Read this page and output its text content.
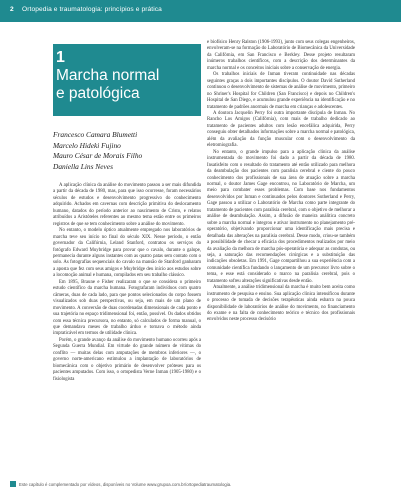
2 Ortopedia e traumatologia: princípios e prática
1
Marcha normal
e patológica
Francesco Camara Blumetti
Marcelo Hideki Fujino
Mauro César de Morais Filho
Daniella Lins Neves

A aplicação clínica da análise do movimento passou a ser mais difundida a partir da década de 1980, mas, para que isso ocorresse, foram necessários séculos de estudos e desenvolvimento progressivo do conhecimento adquirido. Achados em cavernas com descrição primitiva do deslocamento humano, datados do período anterior ao nascimento de Cristo, e relatos atribuídos a Aristóteles referentes ao mesmo tema estão entre os primeiros registros de que se tem conhecimento sobre a análise do movimento.

No entanto, o modelo óptico atualmente empregado nos laboratórios de marcha teve seu início no final do século XIX. Nesse período, o então governador da Califórnia, Leland Stanford, contratou os serviços do fotógrafo Edward Muybridge para provar que o cavalo, durante o galope, permanecia durante alguns instantes com as quatro patas sem contato com o solo. As fotografias sequenciais do cavalo na mansão de Stanford ganharam a aposta que fez com seus amigos e Muybridge deu início aos estudos sobre a locomoção animal e humana, compilados em seu trabalho clássico.

Em 1895, Braune e Fisher realizaram o que se considera o primeiro estudo científico da marcha humana. Fotografaram indivíduos com quatro câmeras, duas de cada lado, para que pontos selecionados do corpo fossem visualizados sob duas perspectivas, ou seja, em mais de um plano de movimento. A conversão de duas coordenadas dimensionais de cada ponto e sua trajetória no espaço tridimensional foi, então, possível. Os dados obtidos com essa técnica precursora, no entanto, só calculados de forma manual, o que demandava meses de trabalho árduo e tornava o método ainda impraticável em termos de utilidade clínica.

Porém, o grande avanço da análise do movimento humano ocorreu após a Segunda Guerra Mundial. Em virtude do grande número de vítimas do conflito — muitas delas com amputações de membros inferiores —, o governo norte-americano estimulou a implantação de laboratórios de biomecânica com o objetivo primário de desenvolver próteses para os pacientes amputados. Com isso, o ortopedista Verne Inman (1905-1980) e o fisiologista

e biofísico Henry Ralston (1906-1993), junto com seus colegas engenheiros, envolveram-se na formação do Laboratório de Biomecânica da Universidade da Califórnia, em San Francisco e Berkley. Desse projeto resultaram inúmeros trabalhos científicos, com a descrição dos determinantes da marcha normal e os conceitos iniciais sobre a conservação de energia.

Os trabalhos iniciais de Inman tiveram continuidade nas décadas seguintes graças a dois importantes discípulos. O doutor David Sutherland continuou o desenvolvimento de sistemas de análise de movimento, primeiro no Shriner's Hospital for Children (San Francisco) e depois no Children's Hospital de San Diego, e acumulou grande experiência na identificação e no tratamento de padrões anormais de marcha em crianças e adolescentes.

A doutora Jacquelin Perry foi outra importante discípula de Inman. No Rancho Los Amigos (Califórnia), com mais de trabalho dedicado ao tratamento de pacientes adultos com lesão encefálica adquirida, Perry conseguiu obter detalhados informações sobre a marcha normal e patológica, além da avaliação da função muscular com o desenvolvimento da eletromiografia.

No entanto, o grande impulso para a aplicação clínica da análise instrumentada do movimento foi dado a partir da década de 1980. Insatisfeito com o resultado do tratamento até então utilizado para melhora da deambulação dos pacientes com paralisia cerebral e ciente do pouco conhecimento dos profissionais de sua área de atuação sobre a marcha normal, o doutor James Gage encontrou, no Laboratório de Marcha, um meio para combater esses problemas. Com base nos fundamentos desenvolvidos por Inman e continuados pelos doutores Sutherland e Perry, Gage passou a utilizar o Laboratório de Marcha como parte integrante do tratamento de pacientes com paralisia cerebral, com o objetivo de melhorar a análise de deambulação. Assim, a difusão de maneira análitica concreto sobre a marcha normal e integrou e ativar instrumento no planejamento pré-operatório, objetivando proporcionar uma identificação mais precisa e detalhada das alterações na paralisia cerebral. Desse modo, criou-se também a possibilidade de checar a eficácia dos procedimentos realizados por meio da avaliação da melhora de marcha pós-operatória e adequar as condutas, ou seja, a saturação das recomendações cirúrgicas e a substituição das indicações obsoletas. Em 1991, Gage compartilhou a sua experiência com a comunidade científica fundando o lançamento de um precursor livro sobre o tema, e esse está considerado o marco na paralisia cerebral, pois o tratamento sofreu alterações significativas desde então.

Atualmente, a análise tridimensional da marcha é muito bem aceita como instrumento de pesquisa e ensino. Sua aplicação clínica intensificou durante o processo de tomada de decisões terapêuticas ainda esbarra na pouca disponibilidade de laboratórios de análise do movimento, no financiamento do exame e na falta de conhecimento teórico e técnico dos profissionais envolvidos neste processo decisório

Este capítulo é complementado por vídeos, disponíveis no Volume www.grupoa.com.br/ortopediatraumatologia.
